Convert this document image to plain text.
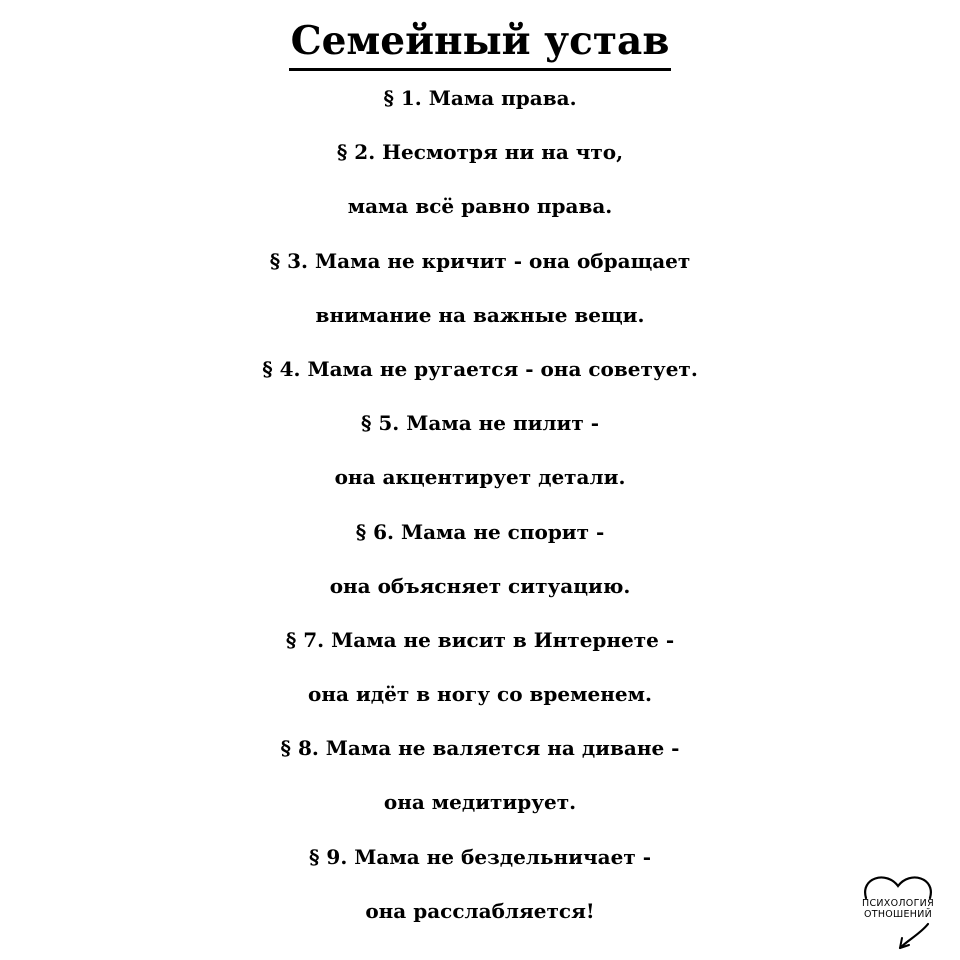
Семейный устав
§ 1. Мама права.
§ 2. Несмотря ни на что,
мама всё равно права.
§ 3. Мама не кричит - она обращает
внимание на важные вещи.
§ 4. Мама не ругается - она советует.
§ 5. Мама не пилит -
она акцентирует детали.
§ 6. Мама не спорит -
она объясняет ситуацию.
§ 7. Мама не висит в Интернете -
она идёт в ногу со временем.
§ 8. Мама не валяется на диване -
она медитирует.
§ 9. Мама не бездельничает -
она расслабляется!	ПСИХОЛОГИЯ
ОТНОШЕНИЙ
